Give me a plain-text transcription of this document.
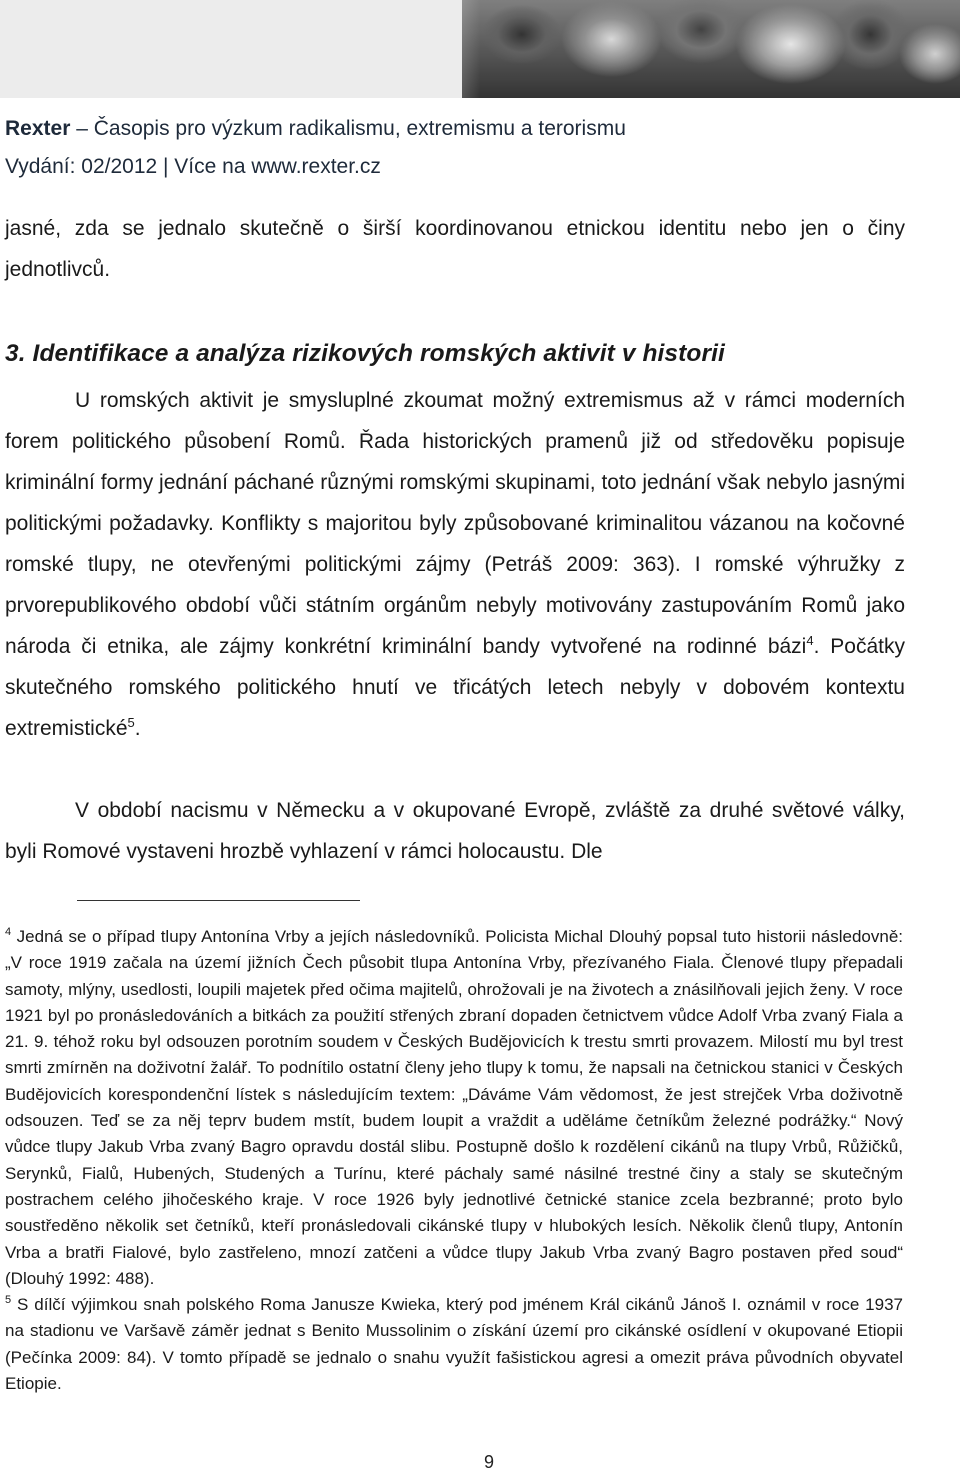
Rexter – Časopis pro výzkum radikalismu, extremismu a terorismu
Vydání: 02/2012 | Více na www.rexter.cz

jasné, zda se jednalo skutečně o širší koordinovanou etnickou identitu nebo jen o činy jednotlivců.

3. Identifikace a analýza rizikových romských aktivit v historii

U romských aktivit je smysluplné zkoumat možný extremismus až v rámci moderních forem politického působení Romů. Řada historických pramenů již od středověku popisuje kriminální formy jednání páchané různými romskými skupinami, toto jednání však nebylo jasnými politickými požadavky. Konflikty s majoritou byly způsobované kriminalitou vázanou na kočovné romské tlupy, ne otevřenými politickými zájmy (Petráš 2009: 363). I romské výhružky z prvorepublikového období vůči státním orgánům nebyly motivovány zastupováním Romů jako národa či etnika, ale zájmy konkrétní kriminální bandy vytvořené na rodinné bázi$^4$. Počátky skutečného romského politického hnutí ve třicátých letech nebyly v dobovém kontextu extremistické$^5$.

V období nacismu v Německu a v okupované Evropě, zvláště za druhé světové války, byli Romové vystaveni hrozbě vyhlazení v rámci holocaustu. Dle

$^4$ Jedná se o případ tlupy Antonína Vrby a jejích následovníků. Policista Michal Dlouhý popsal tuto historii následovně: „V roce 1919 začala na území jižních Čech působit tlupa Antonína Vrby, přezívaného Fiala. Členové tlupy přepadali samoty, mlýny, usedlosti, loupili majetek před očima majitelů, ohrožovali je na životech a znásilňovali jejich ženy. V roce 1921 byl po pronásledováních a bitkách za použití střených zbraní dopaden četnictvem vůdce Adolf Vrba zvaný Fiala a 21. 9. téhož roku byl odsouzen porotním soudem v Českých Budějovicích k trestu smrti provazem. Milostí mu byl trest smrti zmírněn na doživotní žalář. To podnítilo ostatní členy jeho tlupy k tomu, že napsali na četnickou stanici v Českých Budějovicích korespondenční lístek s následujícím textem: „Dáváme Vám vědomost, že jest strejček Vrba doživotně odsouzen. Teď se za něj teprv budem mstít, budem loupit a vraždit a uděláme četníkům železné podrážky.“ Nový vůdce tlupy Jakub Vrba zvaný Bagro opravdu dostál slibu. Postupně došlo k rozdělení cikánů na tlupy Vrbů, Růžičků, Serynků, Fialů, Hubených, Studených a Turínu, které páchaly samé násilné trestné činy a staly se skutečným postrachem celého jihočeského kraje. V roce 1926 byly jednotlivé četnické stanice zcela bezbranné; proto bylo soustředěno několik set četníků, kteří pronásledovali cikánské tlupy v hlubokých lesích. Několik členů tlupy, Antonín Vrba a bratři Fialové, bylo zastřeleno, mnozí zatčeni a vůdce tlupy Jakub Vrba zvaný Bagro postaven před soud“ (Dlouhý 1992: 488).

$^5$ S dílčí výjimkou snah polského Roma Janusze Kwieka, který pod jménem Král cikánů Jánoš I. oznámil v roce 1937 na stadionu ve Varšavě záměr jednat s Benito Mussolinim o získání území pro cikánské osídlení v okupované Etiopii (Pečínka 2009: 84). V tomto případě se jednalo o snahu využít fašistickou agresi a omezit práva původních obyvatel Etiopie.

9
